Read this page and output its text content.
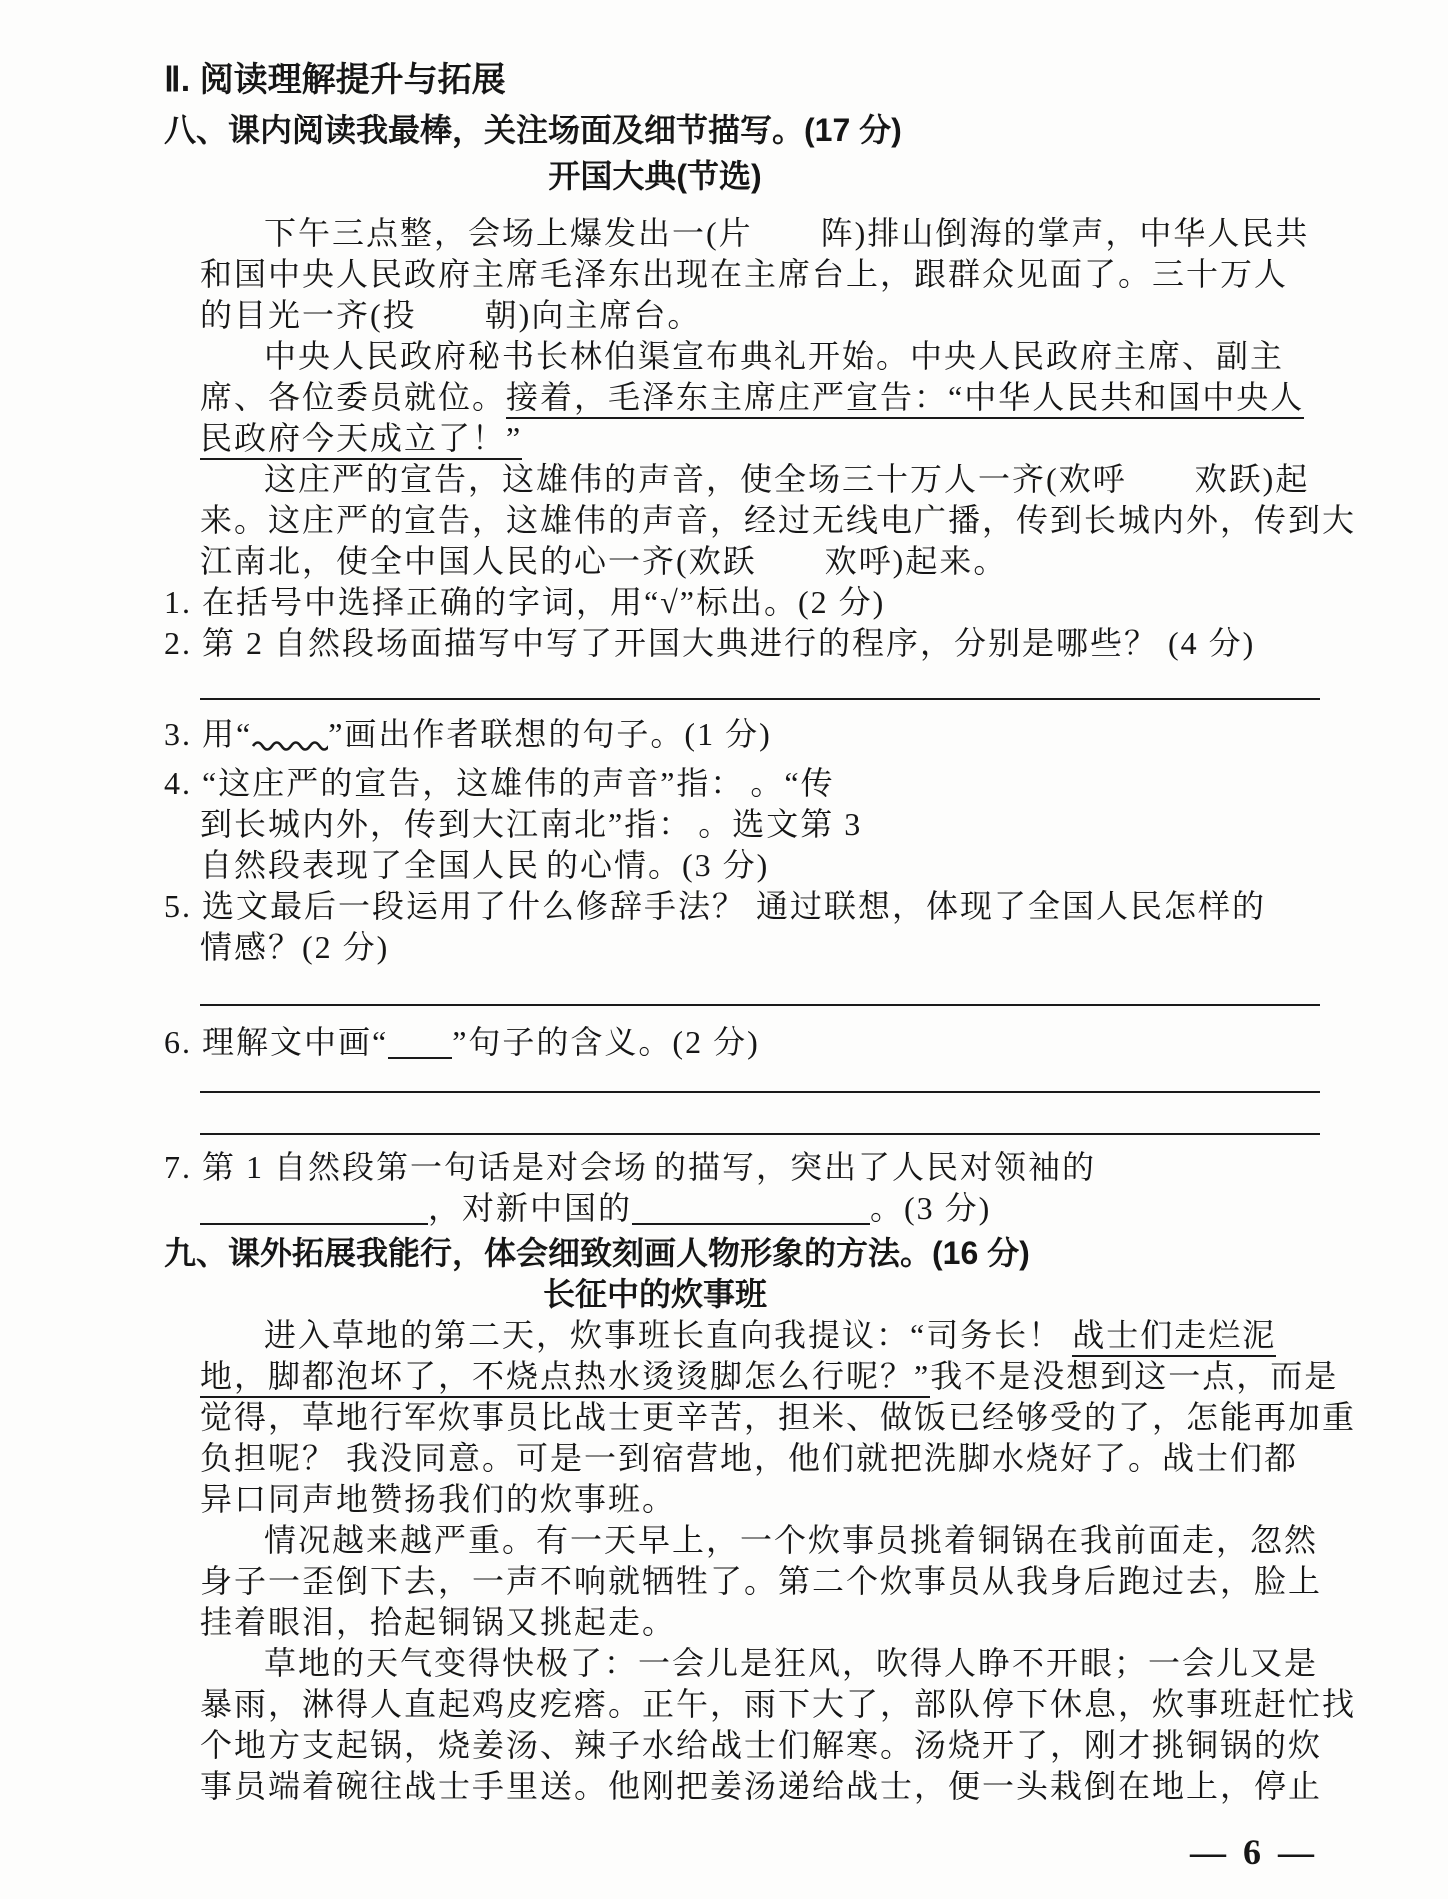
Ⅱ. 阅读理解提升与拓展
八、课内阅读我最棒，关注场面及细节描写。(17 分)
开国大典(节选)
下午三点整，会场上爆发出一(片　　阵)排山倒海的掌声，中华人民共
和国中央人民政府主席毛泽东出现在主席台上，跟群众见面了。三十万人
的目光一齐(投　　朝)向主席台。
中央人民政府秘书长林伯渠宣布典礼开始。中央人民政府主席、副主
席、各位委员就位。接着，毛泽东主席庄严宣告：“中华人民共和国中央人
民政府今天成立了！”
这庄严的宣告，这雄伟的声音，使全场三十万人一齐(欢呼　　欢跃)起
来。这庄严的宣告，这雄伟的声音，经过无线电广播，传到长城内外，传到大
江南北，使全中国人民的心一齐(欢跃　　欢呼)起来。
1. 在括号中选择正确的字词，用“√”标出。(2 分)
2. 第 2 自然段场面描写中写了开国大典进行的程序，分别是哪些？ (4 分)
3. 用“ ”画出作者联想的句子。(1 分)
4. “这庄严的宣告，这雄伟的声音”指： 。“传
到长城内外，传到大江南北”指： 。选文第 3
自然段表现了全国人民 的心情。(3 分)
5. 选文最后一段运用了什么修辞手法？ 通过联想，体现了全国人民怎样的
情感？(2 分)
6. 理解文中画“ ”句子的含义。(2 分)
7. 第 1 自然段第一句话是对会场 的描写，突出了人民对领袖的
，对新中国的	。(3 分)
九、课外拓展我能行，体会细致刻画人物形象的方法。(16 分)
长征中的炊事班
进入草地的第二天，炊事班长直向我提议：“司务长！ 战士们走烂泥
地，脚都泡坏了，不烧点热水烫烫脚怎么行呢？”我不是没想到这一点，而是
觉得，草地行军炊事员比战士更辛苦，担米、做饭已经够受的了，怎能再加重
负担呢？ 我没同意。可是一到宿营地，他们就把洗脚水烧好了。战士们都
异口同声地赞扬我们的炊事班。
情况越来越严重。有一天早上，一个炊事员挑着铜锅在我前面走，忽然
身子一歪倒下去，一声不响就牺牲了。第二个炊事员从我身后跑过去，脸上
挂着眼泪，拾起铜锅又挑起走。
草地的天气变得快极了：一会儿是狂风，吹得人睁不开眼；一会儿又是
暴雨，淋得人直起鸡皮疙瘩。正午，雨下大了，部队停下休息，炊事班赶忙找
个地方支起锅，烧姜汤、辣子水给战士们解寒。汤烧开了，刚才挑铜锅的炊
事员端着碗往战士手里送。他刚把姜汤递给战士，便一头栽倒在地上，停止
— 6 —
